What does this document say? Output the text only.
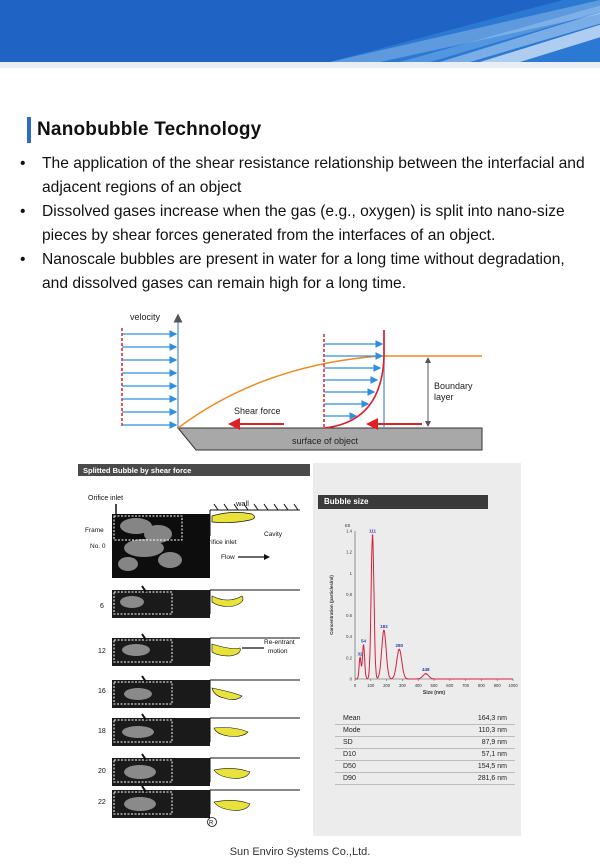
Nanobubble Technology
• The application of the shear resistance relationship between the interfacial and adjacent regions of an object
• Dissolved gases increase when the gas (e.g., oxygen) is split into nano-size pieces by shear forces generated from the interfaces of an object.
• Nanoscale bubbles are present in water for a long time without degradation, and dissolved gases can remain high for a long time.
velocity
surface of object
Shear force
Boundary
layer
Splitted Bubble by shear force
Orifice inlet
Frame
No. 0
wall
Cavity
Orifice inlet
Flow
6
12
16
18
20
22
Re-entrant
motion
R
Bubble size
0	100 200 300 400 500 600 700 800 900 1000
0
0.2
0.4
0.6
0.8
1
1.2
1.4
E8
Size (nm)
Concentration (particles/ml)
32
54
111
183
280
448
Mean	164,3 nm
Mode	110,3 nm
SD	87,9 nm
D10	57,1 nm
D50	154,5 nm
D90	281,6 nm
Sun Enviro Systems Co.,Ltd.
